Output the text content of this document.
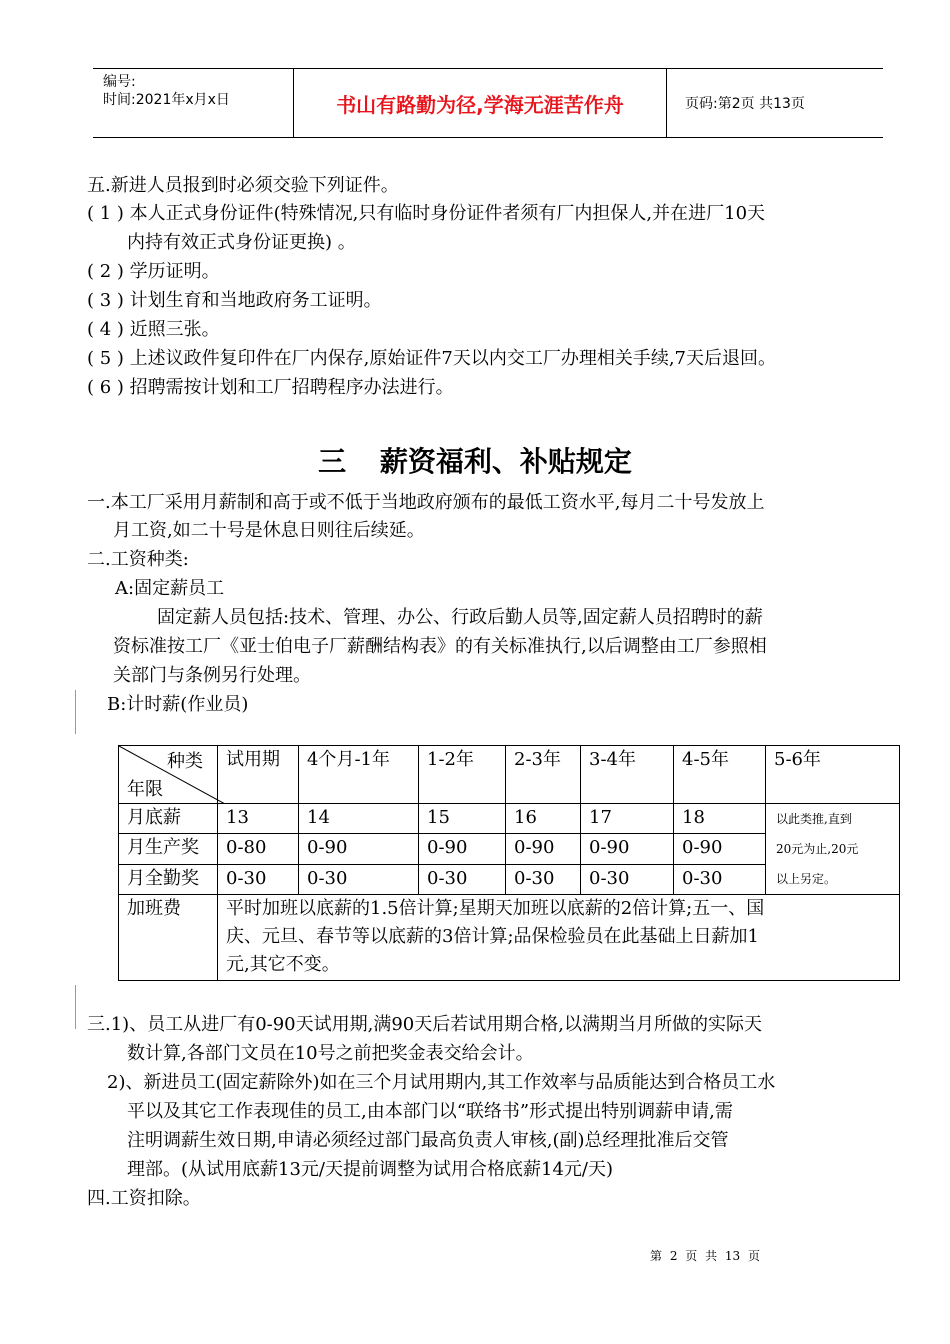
编号:
时间:2021年x月x日	书山有路勤为径,学海无涯苦作舟	页码:第2页 共13页
五.新进人员报到时必须交验下列证件。
( 1 ) 本人正式身份证件(特殊情况,只有临时身份证件者须有厂内担保人,并在进厂10天
内持有效正式身份证更换) 。
( 2 ) 学历证明。
( 3 ) 计划生育和当地政府务工证明。
( 4 ) 近照三张。
( 5 ) 上述议政件复印件在厂内保存,原始证件7天以内交工厂办理相关手续,7天后退回。
( 6 ) 招聘需按计划和工厂招聘程序办法进行。
三 薪资福利、补贴规定
一.本工厂采用月薪制和高于或不低于当地政府颁布的最低工资水平,每月二十号发放上
月工资,如二十号是休息日则往后续延。
二.工资种类:
A:固定薪员工
固定薪人员包括:技术、管理、办公、行政后勤人员等,固定薪人员招聘时的薪
资标准按工厂《亚士伯电子厂薪酬结构表》的有关标准执行,以后调整由工厂参照相
关部门与条例另行处理。
B:计时薪(作业员)
种类
年限	试用期	4个月-1年	1-2年	2-3年	3-4年	4-5年	5-6年
月底薪	13	14	15	16	17	18	以此类推,直到
20元为止,20元
以上另定。

月生产奖	0-80	0-90	0-90	0-90	0-90	0-90	
月全勤奖	0-30	0-30	0-30	0-30	0-30	0-30	
加班费	平时加班以底薪的1.5倍计算;星期天加班以底薪的2倍计算;五一、国
庆、元旦、春节等以底薪的3倍计算;品保检验员在此基础上日薪加1
元,其它不变。						
三.1)、员工从进厂有0-90天试用期,满90天后若试用期合格,以满期当月所做的实际天
数计算,各部门文员在10号之前把奖金表交给会计。
2)、新进员工(固定薪除外)如在三个月试用期内,其工作效率与品质能达到合格员工水
平以及其它工作表现佳的员工,由本部门以“联络书”形式提出特别调薪申请,需
注明调薪生效日期,申请必须经过部门最高负责人审核,(副)总经理批准后交管
理部。(从试用底薪13元/天提前调整为试用合格底薪14元/天)
四.工资扣除。
第 2 页 共 13 页
